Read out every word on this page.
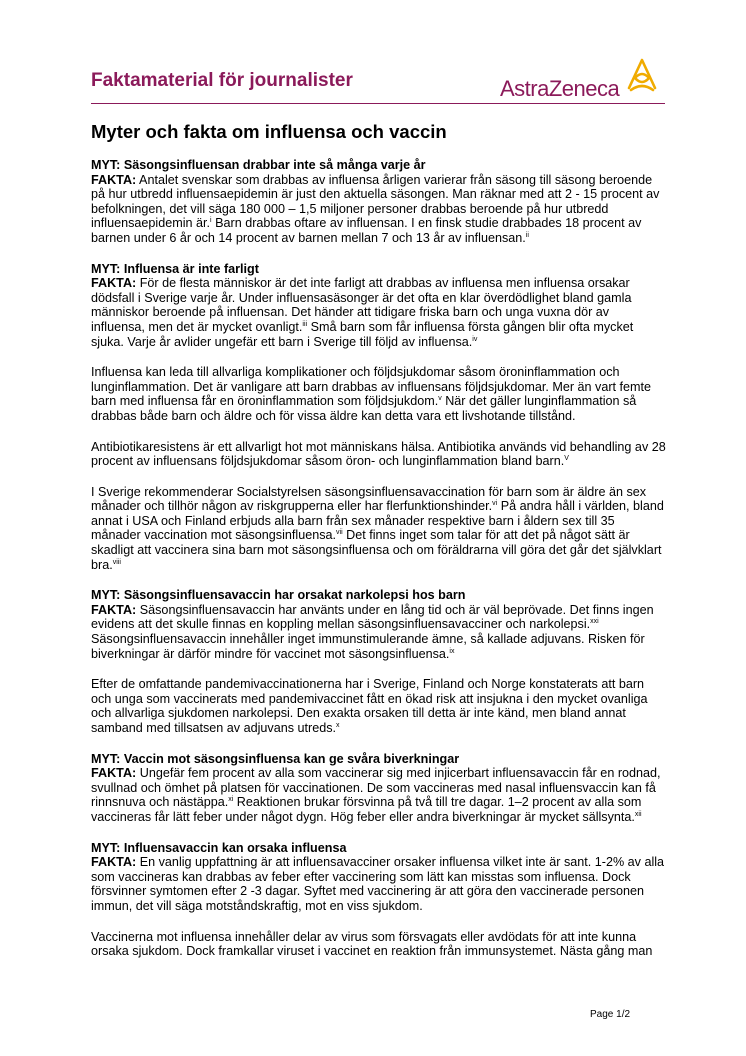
Faktamaterial för journalister	AstraZeneca
Myter och fakta om influensa och vaccin

MYT: Säsongsinfluensan drabbar inte så många varje år
FAKTA: Antalet svenskar som drabbas av influensa årligen varierar från säsong till säsong beroende på hur utbredd influensaepidemin är just den aktuella säsongen. Man räknar med att 2 - 15 procent av befolkningen, det vill säga 180 000 – 1,5 miljoner personer drabbas beroende på hur utbredd influensaepidemin är.$^i$ Barn drabbas oftare av influensan. I en finsk studie drabbades 18 procent av barnen under 6 år och 14 procent av barnen mellan 7 och 13 år av influensan.$^{ii}$

MYT: Influensa är inte farligt
FAKTA: För de flesta människor är det inte farligt att drabbas av influensa men influensa orsakar dödsfall i Sverige varje år. Under influensasäsonger är det ofta en klar överdödlighet bland gamla människor beroende på influensan. Det händer att tidigare friska barn och unga vuxna dör av influensa, men det är mycket ovanligt.$^{iii}$ Små barn som får influensa första gången blir ofta mycket sjuka. Varje år avlider ungefär ett barn i Sverige till följd av influensa.$^{iv}$

Influensa kan leda till allvarliga komplikationer och följdsjukdomar såsom öroninflammation och lunginflammation. Det är vanligare att barn drabbas av influensans följdsjukdomar. Mer än vart femte barn med influensa får en öroninflammation som följdsjukdom.$^v$ När det gäller lunginflammation så drabbas både barn och äldre och för vissa äldre kan detta vara ett livshotande tillstånd.

Antibiotikaresistens är ett allvarligt hot mot människans hälsa. Antibiotika används vid behandling av 28 procent av influensans följdsjukdomar såsom öron- och lunginflammation bland barn.$^V$

I Sverige rekommenderar Socialstyrelsen säsongsinfluensavaccination för barn som är äldre än sex månader och tillhör någon av riskgrupperna eller har flerfunktionshinder.$^{vi}$ På andra håll i världen, bland annat i USA och Finland erbjuds alla barn från sex månader respektive barn i åldern sex till 35 månader vaccination mot säsongsinfluensa.$^{vii}$ Det finns inget som talar för att det på något sätt är skadligt att vaccinera sina barn mot säsongsinfluensa och om föräldrarna vill göra det går det självklart bra.$^{viii}$

MYT: Säsongsinfluensavaccin har orsakat narkolepsi hos barn
FAKTA: Säsongsinfluensavaccin har använts under en lång tid och är väl beprövade. Det finns ingen evidens att det skulle finnas en koppling mellan säsongsinfluensavacciner och narkolepsi.$^{xxi}$ Säsongsinfluensavaccin innehåller inget immunstimulerande ämne, så kallade adjuvans. Risken för biverkningar är därför mindre för vaccinet mot säsongsinfluensa.$^{ix}$

Efter de omfattande pandemivaccinationerna har i Sverige, Finland och Norge konstaterats att barn och unga som vaccinerats med pandemivaccinet fått en ökad risk att insjukna i den mycket ovanliga och allvarliga sjukdomen narkolepsi. Den exakta orsaken till detta är inte känd, men bland annat samband med tillsatsen av adjuvans utreds.$^x$

MYT: Vaccin mot säsongsinfluensa kan ge svåra biverkningar
FAKTA: Ungefär fem procent av alla som vaccinerar sig med injicerbart influensavaccin får en rodnad, svullnad och ömhet på platsen för vaccinationen. De som vaccineras med nasal influensvaccin kan få rinnsnuva och nästäppa.$^{xi}$ Reaktionen brukar försvinna på två till tre dagar. 1–2 procent av alla som vaccineras får lätt feber under något dygn. Hög feber eller andra biverkningar är mycket sällsynta.$^{xii}$

MYT: Influensavaccin kan orsaka influensa
FAKTA: En vanlig uppfattning är att influensavacciner orsaker influensa vilket inte är sant. 1-2% av alla som vaccineras kan drabbas av feber efter vaccinering som lätt kan misstas som influensa. Dock försvinner symtomen efter 2 -3 dagar. Syftet med vaccinering är att göra den vaccinerade personen immun, det vill säga motståndskraftig, mot en viss sjukdom.

Vaccinerna mot influensa innehåller delar av virus som försvagats eller avdödats för att inte kunna orsaka sjukdom. Dock framkallar viruset i vaccinet en reaktion från immunsystemet. Nästa gång man

Page 1/2
